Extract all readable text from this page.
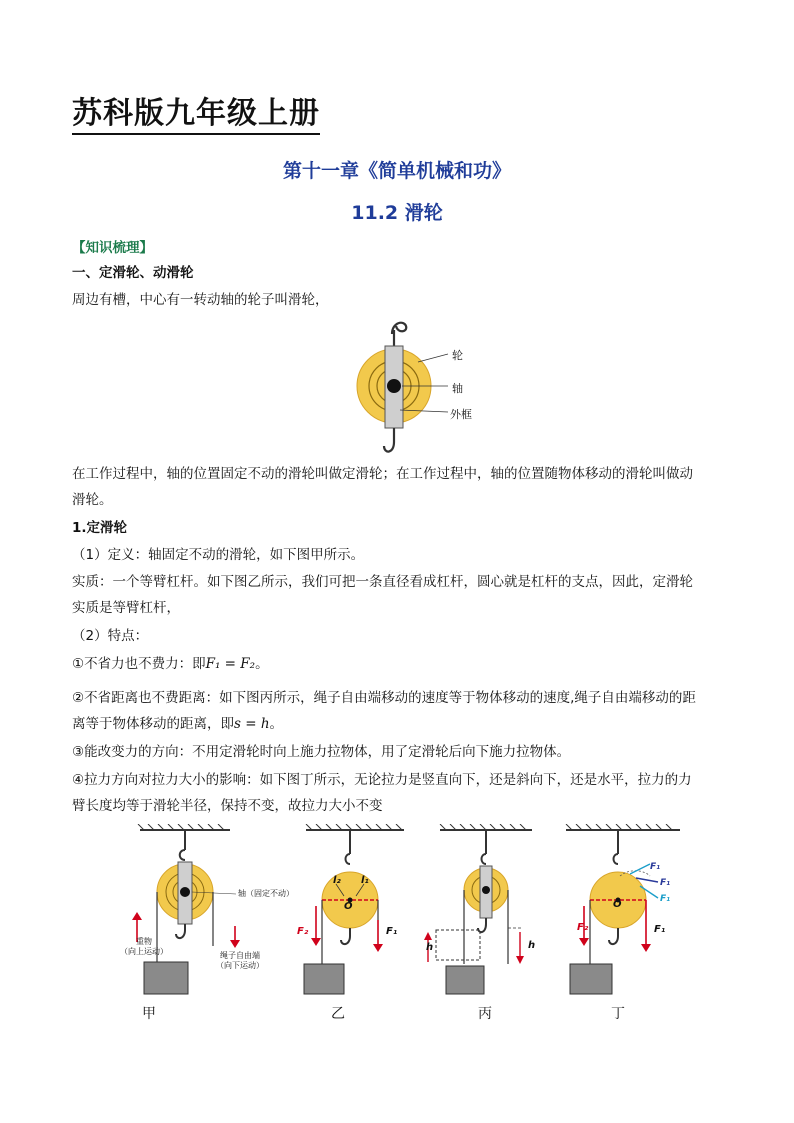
苏科版九年级上册
第十一章《简单机械和功》
11.2 滑轮
【知识梳理】
一、定滑轮、动滑轮
周边有槽，中心有一转动轴的轮子叫滑轮，
轮
轴
外框
在工作过程中，轴的位置固定不动的滑轮叫做定滑轮；在工作过程中，轴的位置随物体移动的滑轮叫做动
滑轮。
1.定滑轮
（1）定义：轴固定不动的滑轮，如下图甲所示。
实质：一个等臂杠杆。如下图乙所示，我们可把一条直径看成杠杆，圆心就是杠杆的支点，因此，定滑轮
实质是等臂杠杆，
（2）特点：
①不省力也不费力：即F₁ = F₂。
②不省距离也不费距离：如下图丙所示，绳子自由端移动的速度等于物体移动的速度,绳子自由端移动的距
离等于物体移动的距离，即s = h。
③能改变力的方向：不用定滑轮时向上施力拉物体，用了定滑轮后向下施力拉物体。
④拉力方向对拉力大小的影响：如下图丁所示，无论拉力是竖直向下，还是斜向下，还是水平，拉力的力
臂长度均等于滑轮半径，保持不变，故拉力大小不变
轴（固定不动）
重物
（向上运动）	绳子自由端
（向下运动）
甲
l₂ l₁
O
F₂	F₁
乙
h	h
丙
O
F₂	F₁
F₁
F₁
F₁
丁
